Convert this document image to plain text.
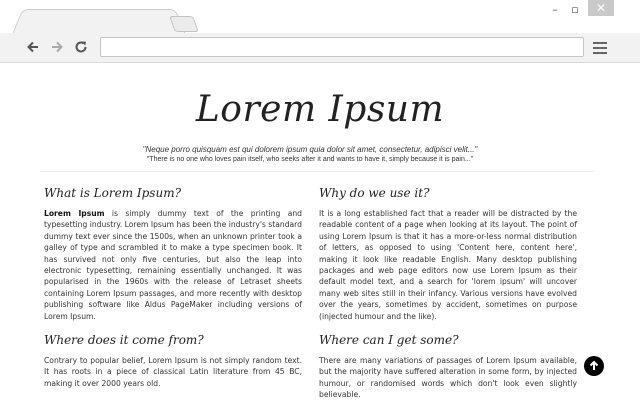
–	▫	✕
Lorem Ipsum
"Neque porro quisquam est qui dolorem ipsum quia dolor sit amet, consectetur, adipisci velit..."
"There is no one who loves pain itself, who seeks after it and wants to have it, simply because it is pain..."
What is Lorem Ipsum?

Lorem Ipsum is simply dummy text of the printing and typesetting industry. Lorem Ipsum has been the industry's standard dummy text ever since the 1500s, when an unknown printer took a galley of type and scrambled it to make a type specimen book. It has survived not only five centuries, but also the leap into electronic typesetting, remaining essentially unchanged. It was popularised in the 1960s with the release of Letraset sheets containing Lorem Ipsum passages, and more recently with desktop publishing software like Aldus PageMaker including versions of Lorem Ipsum.

Why do we use it?

It is a long established fact that a reader will be distracted by the readable content of a page when looking at its layout. The point of using Lorem Ipsum is that it has a more-or-less normal distribution of letters, as opposed to using 'Content here, content here', making it look like readable English. Many desktop publishing packages and web page editors now use Lorem Ipsum as their default model text, and a search for 'lorem ipsum' will uncover many web sites still in their infancy. Various versions have evolved over the years, sometimes by accident, sometimes on purpose (injected humour and the like).

Where does it come from?

Contrary to popular belief, Lorem Ipsum is not simply random text. It has roots in a piece of classical Latin literature from 45 BC, making it over 2000 years old.

Where can I get some?

There are many variations of passages of Lorem Ipsum available, but the majority have suffered alteration in some form, by injected humour, or randomised words which don't look even slightly believable.
